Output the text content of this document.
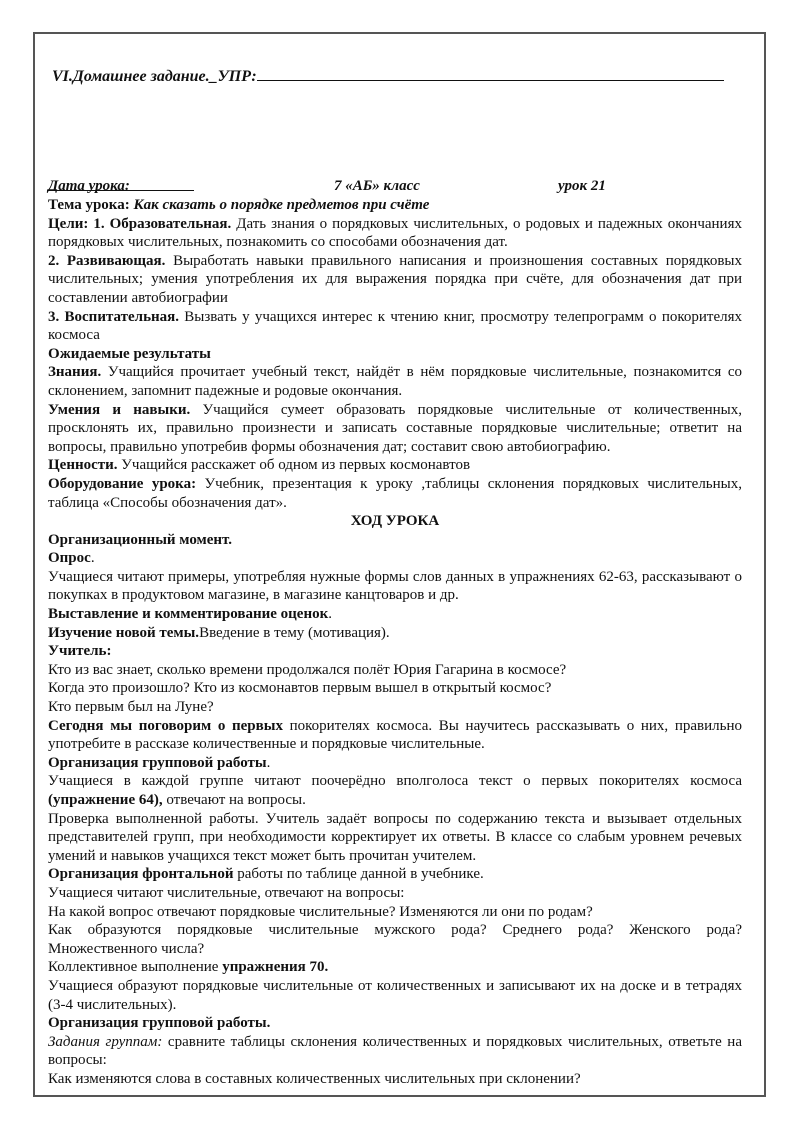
VI.Домашнее задание._УПР:
Дата урока:	7 «АБ» класс	урок 21

Тема урока: Как сказать о порядке предметов при счёте

Цели: 1. Образовательная. Дать знания о порядковых числительных, о родовых и падежных окончаниях порядковых числительных, познакомить со способами обозначения дат.

2. Развивающая. Выработать навыки правильного написания и произношения составных порядковых числительных; умения употребления их для выражения порядка при счёте, для обозначения дат при составлении автобиографии

3. Воспитательная. Вызвать у учащихся интерес к чтению книг, просмотру телепрограмм о покорителях космоса

Ожидаемые результаты

Знания. Учащийся прочитает учебный текст, найдёт в нём порядковые числительные, познакомится со склонением, запомнит падежные и родовые окончания.

Умения и навыки. Учащийся сумеет образовать порядковые числительные от количественных, просклонять их, правильно произнести и записать составные порядковые числительные; ответит на вопросы, правильно употребив формы обозначения дат; составит свою автобиографию.

Ценности. Учащийся расскажет об одном из первых космонавтов

Оборудование урока: Учебник, презентация к уроку ,таблицы склонения порядковых числительных, таблица «Способы обозначения дат».

ХОД УРОКА

Организационный момент.

Опрос.

Учащиеся читают примеры, употребляя нужные формы слов данных в упражнениях 62-63, рассказывают о покупках в продуктовом магазине, в магазине канцтоваров и др.

Выставление и комментирование оценок.

Изучение новой темы.Введение в тему (мотивация).

Учитель:

Кто из вас знает, сколько времени продолжался полёт Юрия Гагарина в космосе?

Когда это произошло? Кто из космонавтов первым вышел в открытый космос?

Кто первым был на Луне?

Сегодня мы поговорим о первых покорителях космоса. Вы научитесь рассказывать о них, правильно употребите в рассказе количественные и порядковые числительные.

Организация групповой работы.

Учащиеся в каждой группе читают поочерёдно вполголоса текст о первых покорителях космоса (упражнение 64), отвечают на вопросы.

Проверка выполненной работы. Учитель задаёт вопросы по содержанию текста и вызывает отдельных представителей групп, при необходимости корректирует их ответы. В классе со слабым уровнем речевых умений и навыков учащихся текст может быть прочитан учителем.

Организация фронтальной работы по таблице данной в учебнике.

Учащиеся читают числительные, отвечают на вопросы:

На какой вопрос отвечают порядковые числительные? Изменяются ли они по родам?

Как образуются порядковые числительные мужского рода? Среднего рода? Женского рода? Множественного числа?

Коллективное выполнение упражнения 70.

Учащиеся образуют порядковые числительные от количественных и записывают их на доске и в тетрадях (3-4 числительных).

Организация групповой работы.

Задания группам: сравните таблицы склонения количественных и порядковых числительных, ответьте на вопросы:

Как изменяются слова в составных количественных числительных при склонении?
